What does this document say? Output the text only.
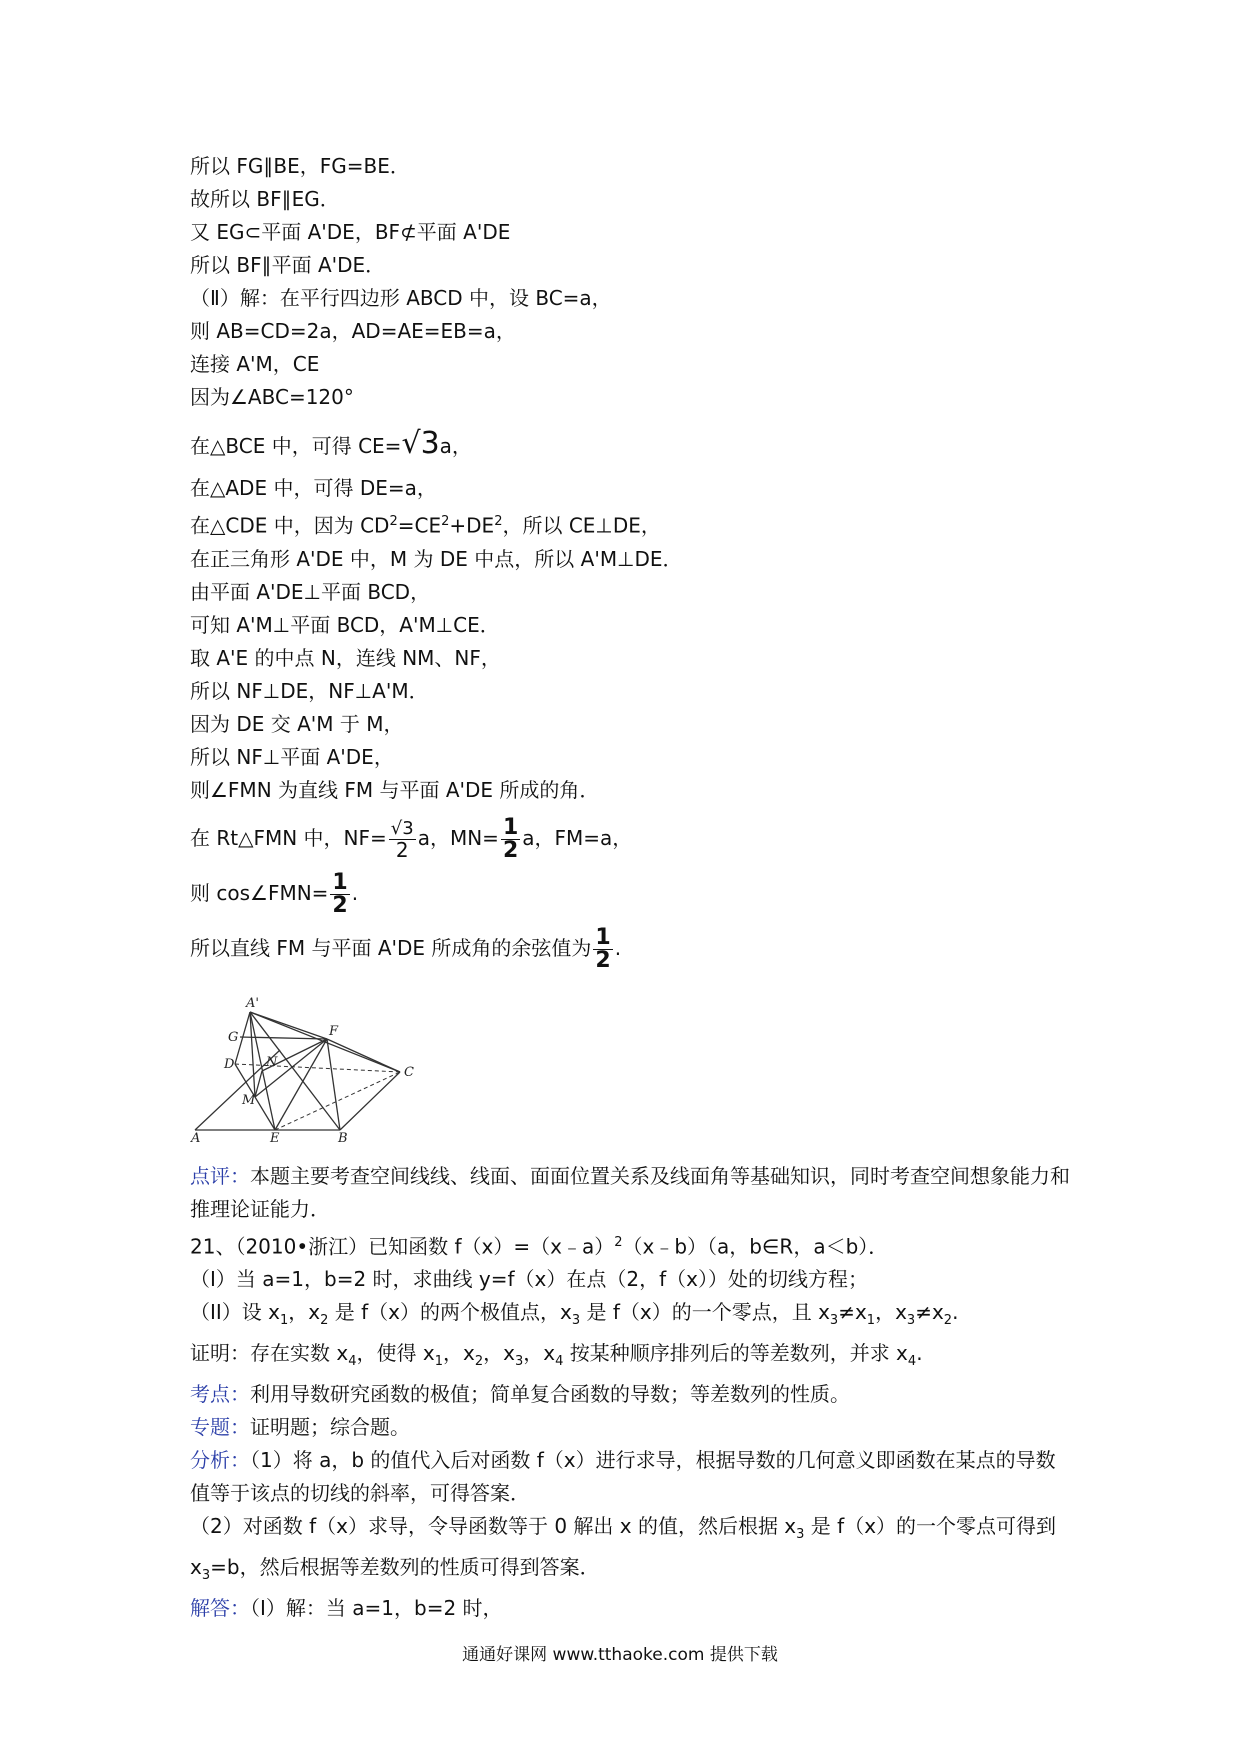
所以 FG∥BE，FG=BE．
故所以 BF∥EG．
又 EG⊂平面 A'DE，BF⊄平面 A'DE
所以 BF∥平面 A'DE．
（Ⅱ）解：在平行四边形 ABCD 中，设 BC=a，
则 AB=CD=2a，AD=AE=EB=a，
连接 A'M，CE
因为∠ABC=120°
在△BCE 中，可得 CE=√3a，
在△ADE 中，可得 DE=a，
在△CDE 中，因为 $CD^2=CE^2+DE^2$，所以 CE⊥DE，
在正三角形 A'DE 中，M 为 DE 中点，所以 A'M⊥DE．
由平面 A'DE⊥平面 BCD，
可知 A'M⊥平面 BCD，A'M⊥CE．
取 A'E 的中点 N，连线 NM、NF，
所以 NF⊥DE，NF⊥A'M．
因为 DE 交 A'M 于 M，
所以 NF⊥平面 A'DE，
则∠FMN 为直线 FM 与平面 A'DE 所成的角．
在 Rt△FMN 中，$NF= \frac{√3}{2}$ a，$MN= \frac{1}{2}$ a，FM=a，
则 cos∠FMN= $\frac{1}{2}$ .
所以直线 FM 与平面 A'DE 所成角的余弦值为 $\frac{1}{2}$ .
A'
F
G
N
D
M
C
A	E	B
点评：本题主要考查空间线线、线面、面面位置关系及线面角等基础知识，同时考查空间想象能力和推理论证能力．
21、（2010•浙江）已知函数 f（x）=（x﹣a）$^2$（x﹣b）（a，b∈R，a＜b）．
（I）当 a=1，b=2 时，求曲线 y=f（x）在点（2，f（x））处的切线方程；
（II）设 $x_1$，$x_2$ 是 f（x）的两个极值点，$x_3$ 是 f（x）的一个零点，且 $x_3\ne x_1$，$x_3\ne x_2$.
证明：存在实数 $x_4$，使得 $x_1$，$x_2$，$x_3$，$x_4$ 按某种顺序排列后的等差数列，并求 $x_4$.
考点：利用导数研究函数的极值；简单复合函数的导数；等差数列的性质。
专题：证明题；综合题。
分析：（1）将 a，b 的值代入后对函数 f（x）进行求导，根据导数的几何意义即函数在某点的导数值等于该点的切线的斜率，可得答案．
（2）对函数 f（x）求导，令导函数等于 0 解出 x 的值，然后根据 $x_3$ 是 f（x）的一个零点可得到 $x_3=b$，然后根据等差数列的性质可得到答案．
解答：（Ⅰ）解：当 a=1，b=2 时，
通通好课网 www.tthaoke.com 提供下载
